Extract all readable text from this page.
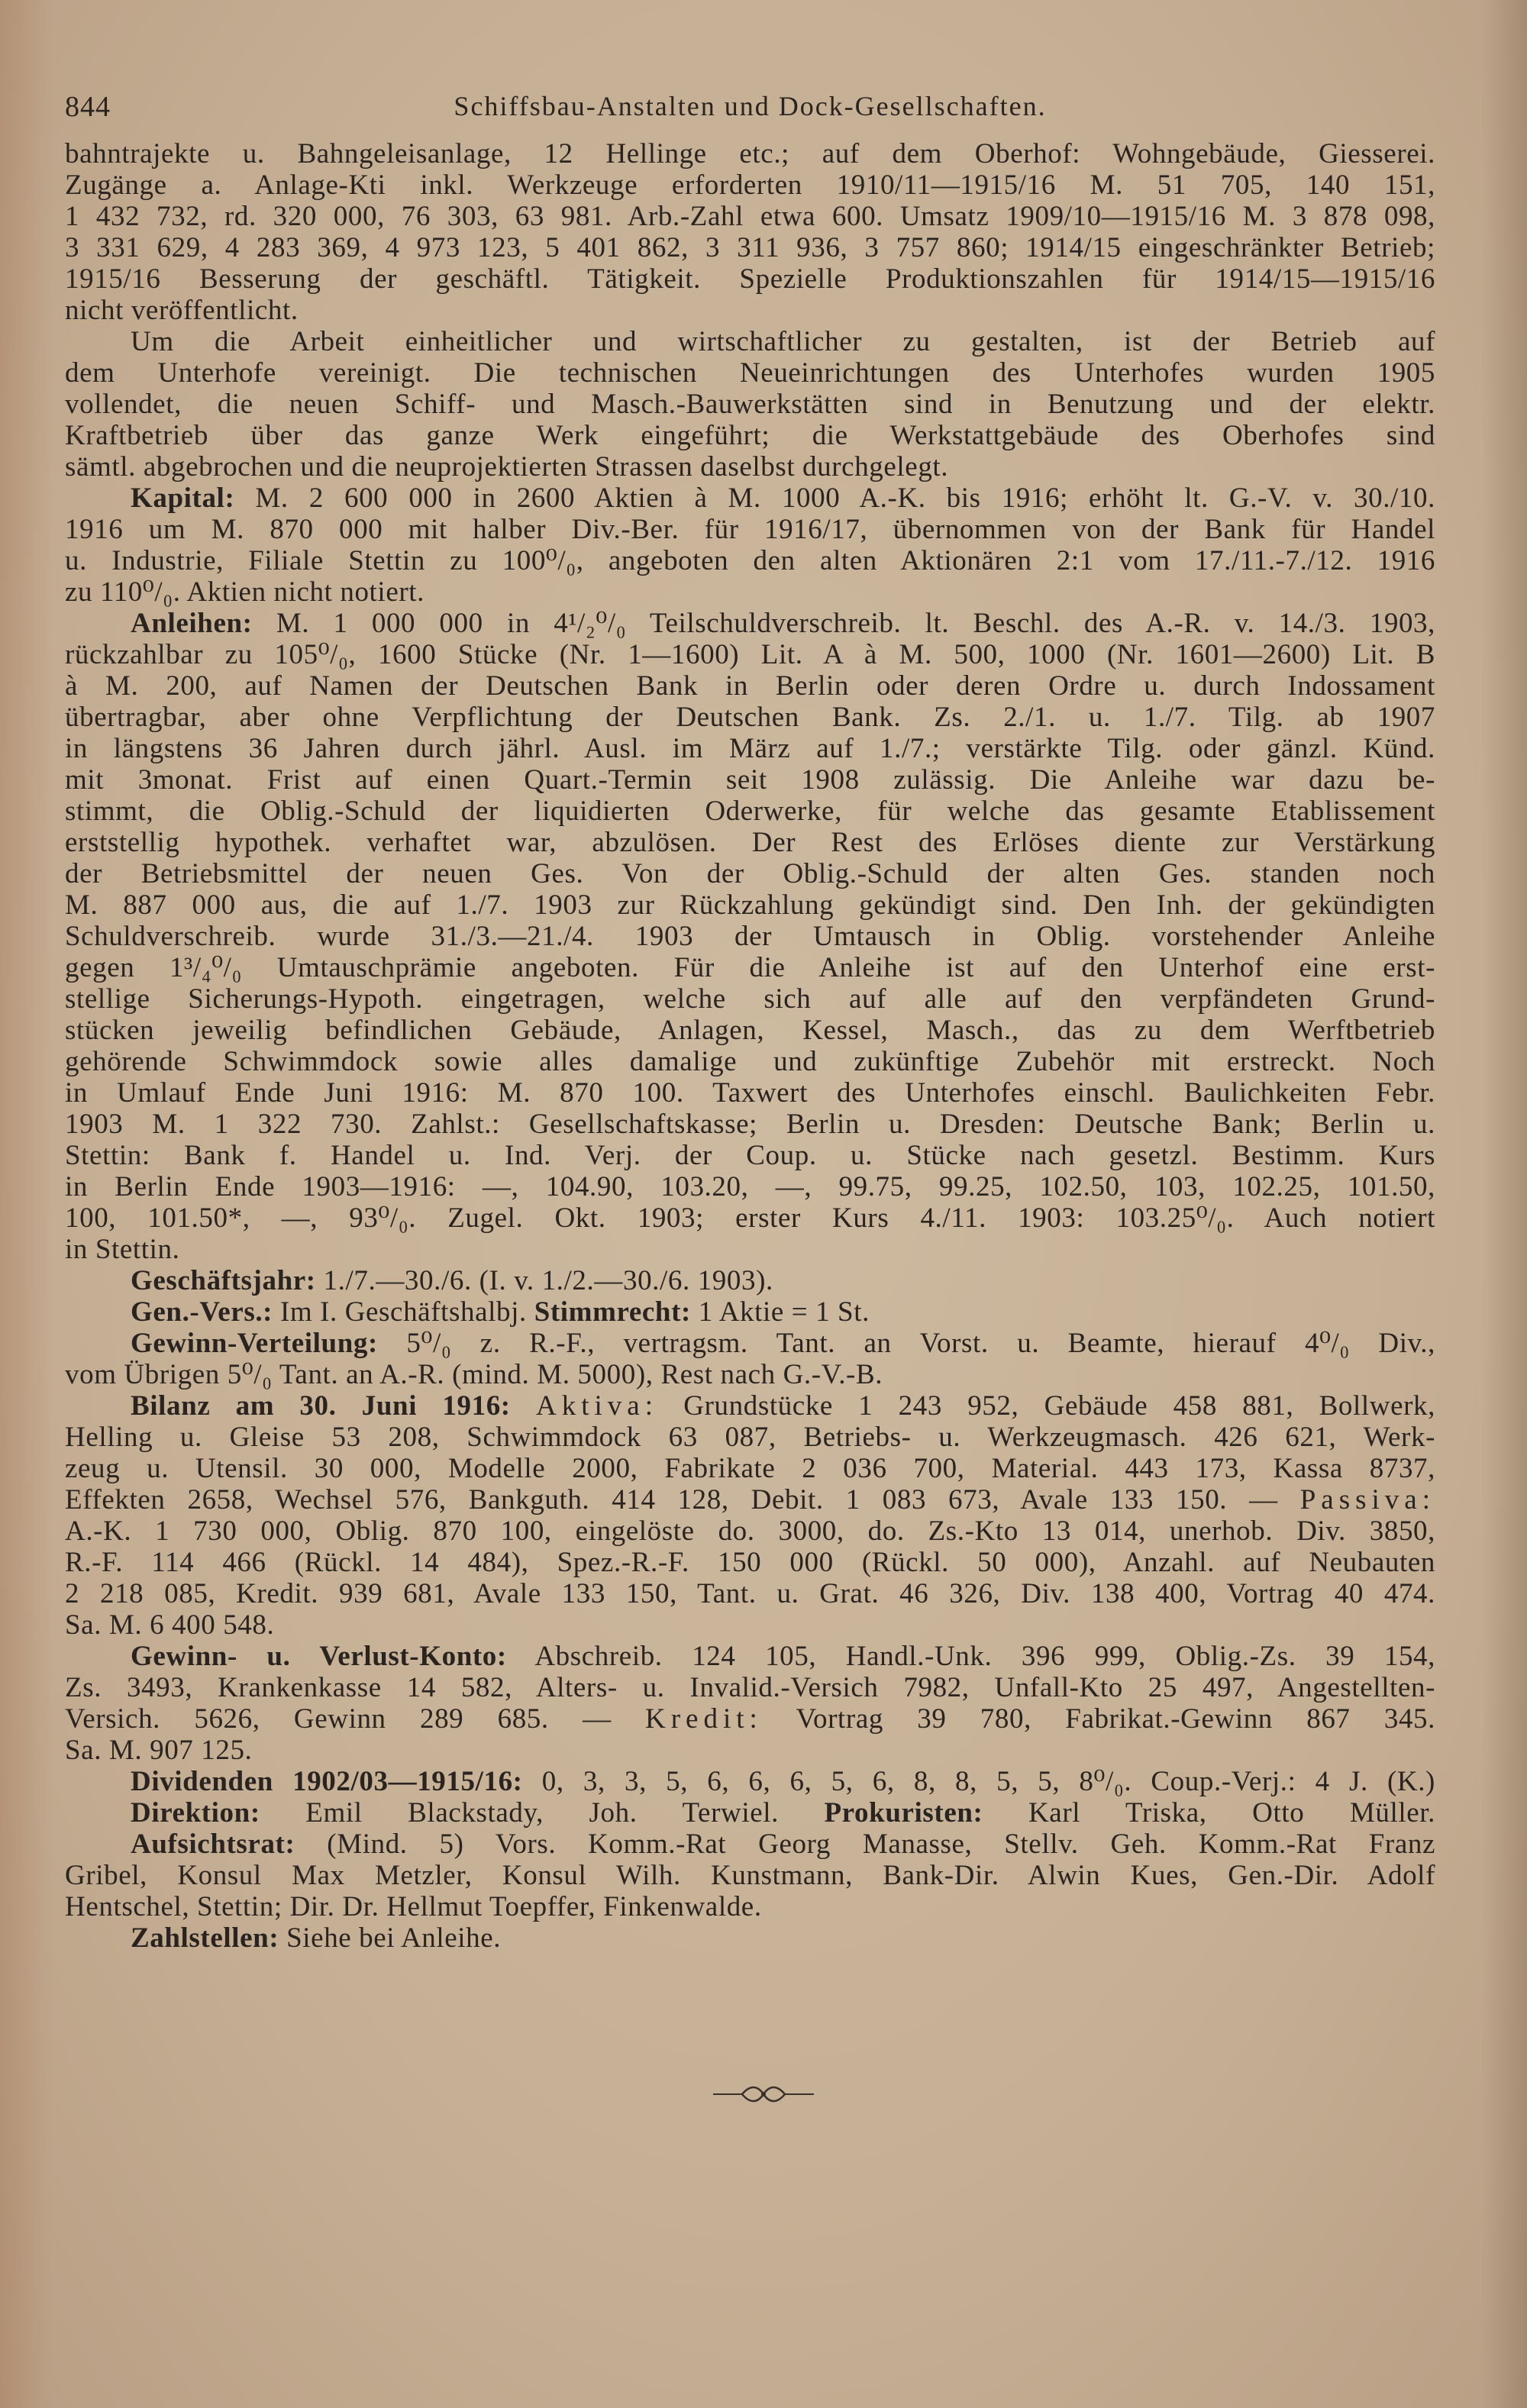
844	Schiffsbau-Anstalten und Dock-Gesellschaften.
bahntrajekte u. Bahngeleisanlage, 12 Hellinge etc.; auf dem Oberhof: Wohngebäude, Giesserei.
Zugänge a. Anlage-Kti inkl. Werkzeuge erforderten 1910/11—1915/16 M. 51 705, 140 151,
1 432 732, rd. 320 000, 76 303, 63 981. Arb.-Zahl etwa 600. Umsatz 1909/10—1915/16 M. 3 878 098,
3 331 629, 4 283 369, 4 973 123, 5 401 862, 3 311 936, 3 757 860; 1914/15 eingeschränkter Betrieb;
1915/16 Besserung der geschäftl. Tätigkeit. Spezielle Produktionszahlen für 1914/15—1915/16
nicht veröffentlicht.
Um die Arbeit einheitlicher und wirtschaftlicher zu gestalten, ist der Betrieb auf
dem Unterhofe vereinigt. Die technischen Neueinrichtungen des Unterhofes wurden 1905
vollendet, die neuen Schiff- und Masch.-Bauwerkstätten sind in Benutzung und der elektr.
Kraftbetrieb über das ganze Werk eingeführt; die Werkstattgebäude des Oberhofes sind
sämtl. abgebrochen und die neuprojektierten Strassen daselbst durchgelegt.
Kapital: M. 2 600 000 in 2600 Aktien à M. 1000 A.-K. bis 1916; erhöht lt. G.-V. v. 30./10.
1916 um M. 870 000 mit halber Div.-Ber. für 1916/17, übernommen von der Bank für Handel
u. Industrie, Filiale Stettin zu 100⁰/₀, angeboten den alten Aktionären 2:1 vom 17./11.-7./12. 1916
zu 110⁰/₀. Aktien nicht notiert.
Anleihen: M. 1 000 000 in 4¹/₂⁰/₀ Teilschuldverschreib. lt. Beschl. des A.-R. v. 14./3. 1903,
rückzahlbar zu 105⁰/₀, 1600 Stücke (Nr. 1—1600) Lit. A à M. 500, 1000 (Nr. 1601—2600) Lit. B
à M. 200, auf Namen der Deutschen Bank in Berlin oder deren Ordre u. durch Indossament
übertragbar, aber ohne Verpflichtung der Deutschen Bank. Zs. 2./1. u. 1./7. Tilg. ab 1907
in längstens 36 Jahren durch jährl. Ausl. im März auf 1./7.; verstärkte Tilg. oder gänzl. Künd.
mit 3monat. Frist auf einen Quart.-Termin seit 1908 zulässig. Die Anleihe war dazu be-
stimmt, die Oblig.-Schuld der liquidierten Oderwerke, für welche das gesamte Etablissement
erststellig hypothek. verhaftet war, abzulösen. Der Rest des Erlöses diente zur Verstärkung
der Betriebsmittel der neuen Ges. Von der Oblig.-Schuld der alten Ges. standen noch
M. 887 000 aus, die auf 1./7. 1903 zur Rückzahlung gekündigt sind. Den Inh. der gekündigten
Schuldverschreib. wurde 31./3.—21./4. 1903 der Umtausch in Oblig. vorstehender Anleihe
gegen 1³/₄⁰/₀ Umtauschprämie angeboten. Für die Anleihe ist auf den Unterhof eine erst-
stellige Sicherungs-Hypoth. eingetragen, welche sich auf alle auf den verpfändeten Grund-
stücken jeweilig befindlichen Gebäude, Anlagen, Kessel, Masch., das zu dem Werftbetrieb
gehörende Schwimmdock sowie alles damalige und zukünftige Zubehör mit erstreckt. Noch
in Umlauf Ende Juni 1916: M. 870 100. Taxwert des Unterhofes einschl. Baulichkeiten Febr.
1903 M. 1 322 730. Zahlst.: Gesellschaftskasse; Berlin u. Dresden: Deutsche Bank; Berlin u.
Stettin: Bank f. Handel u. Ind. Verj. der Coup. u. Stücke nach gesetzl. Bestimm. Kurs
in Berlin Ende 1903—1916: —, 104.90, 103.20, —, 99.75, 99.25, 102.50, 103, 102.25, 101.50,
100, 101.50*, —, 93⁰/₀. Zugel. Okt. 1903; erster Kurs 4./11. 1903: 103.25⁰/₀. Auch notiert
in Stettin.
Geschäftsjahr: 1./7.—30./6. (I. v. 1./2.—30./6. 1903).
Gen.-Vers.: Im I. Geschäftshalbj. Stimmrecht: 1 Aktie = 1 St.
Gewinn-Verteilung: 5⁰/₀ z. R.-F., vertragsm. Tant. an Vorst. u. Beamte, hierauf 4⁰/₀ Div.,
vom Übrigen 5⁰/₀ Tant. an A.-R. (mind. M. 5000), Rest nach G.-V.-B.
Bilanz am 30. Juni 1916: Aktiva: Grundstücke 1 243 952, Gebäude 458 881, Bollwerk,
Helling u. Gleise 53 208, Schwimmdock 63 087, Betriebs- u. Werkzeugmasch. 426 621, Werk-
zeug u. Utensil. 30 000, Modelle 2000, Fabrikate 2 036 700, Material. 443 173, Kassa 8737,
Effekten 2658, Wechsel 576, Bankguth. 414 128, Debit. 1 083 673, Avale 133 150. — Passiva:
A.-K. 1 730 000, Oblig. 870 100, eingelöste do. 3000, do. Zs.-Kto 13 014, unerhob. Div. 3850,
R.-F. 114 466 (Rückl. 14 484), Spez.-R.-F. 150 000 (Rückl. 50 000), Anzahl. auf Neubauten
2 218 085, Kredit. 939 681, Avale 133 150, Tant. u. Grat. 46 326, Div. 138 400, Vortrag 40 474.
Sa. M. 6 400 548.
Gewinn- u. Verlust-Konto: Abschreib. 124 105, Handl.-Unk. 396 999, Oblig.-Zs. 39 154,
Zs. 3493, Krankenkasse 14 582, Alters- u. Invalid.-Versich 7982, Unfall-Kto 25 497, Angestellten-
Versich. 5626, Gewinn 289 685. — Kredit: Vortrag 39 780, Fabrikat.-Gewinn 867 345.
Sa. M. 907 125.
Dividenden 1902/03—1915/16: 0, 3, 3, 5, 6, 6, 6, 5, 6, 8, 8, 5, 5, 8⁰/₀. Coup.-Verj.: 4 J. (K.)
Direktion: Emil Blackstady, Joh. Terwiel. Prokuristen: Karl Triska, Otto Müller.
Aufsichtsrat: (Mind. 5) Vors. Komm.-Rat Georg Manasse, Stellv. Geh. Komm.-Rat Franz
Gribel, Konsul Max Metzler, Konsul Wilh. Kunstmann, Bank-Dir. Alwin Kues, Gen.-Dir. Adolf
Hentschel, Stettin; Dir. Dr. Hellmut Toepffer, Finkenwalde.
Zahlstellen: Siehe bei Anleihe.
